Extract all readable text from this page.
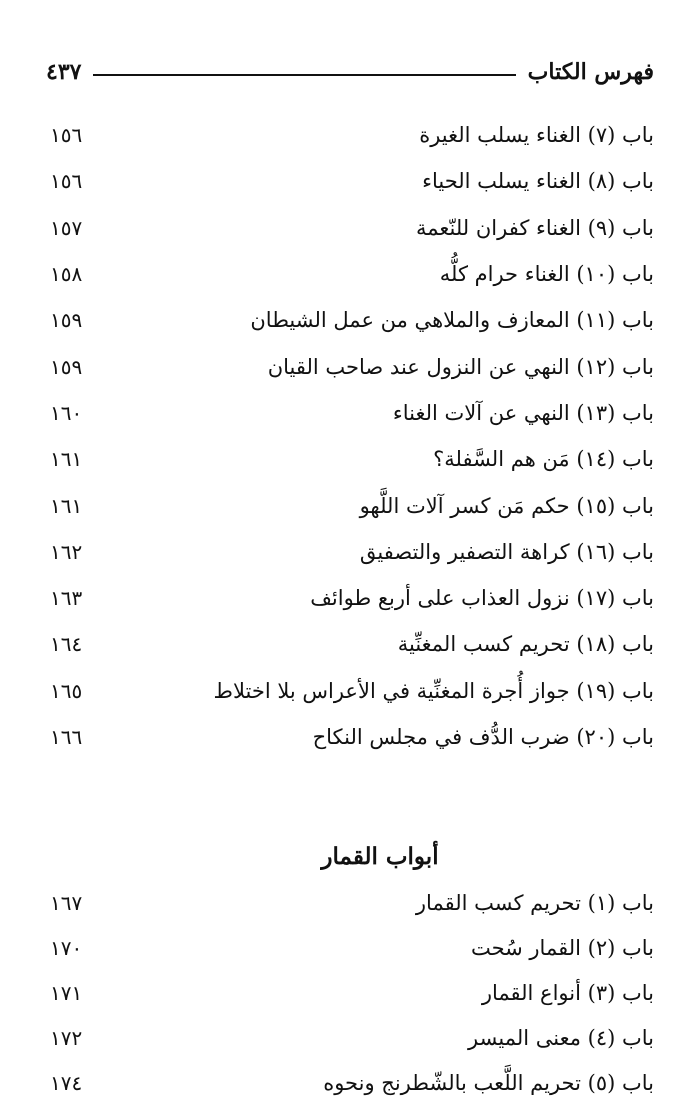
فهرس الكتاب
٤٣٧
باب (٧) الغناء يسلب الغيرة
١٥٦
باب (٨) الغناء يسلب الحياء
١٥٦
باب (٩) الغناء كفران للنّعمة
١٥٧
باب (١٠) الغناء حرام كلُّه
١٥٨
باب (١١) المعازف والملاهي من عمل الشيطان
١٥٩
باب (١٢) النهي عن النزول عند صاحب القيان
١٥٩
باب (١٣) النهي عن آلات الغناء
١٦٠
باب (١٤) مَن هم السَّفلة؟
١٦١
باب (١٥) حكم مَن كسر آلات اللَّهو
١٦١
باب (١٦) كراهة التصفير والتصفيق
١٦٢
باب (١٧) نزول العذاب على أربع طوائف
١٦٣
باب (١٨) تحريم كسب المغنِّية
١٦٤
باب (١٩) جواز أُجرة المغنِّية في الأعراس بلا اختلاط
١٦٥
باب (٢٠) ضرب الدُّف في مجلس النكاح
١٦٦
أبواب القمار
باب (١) تحريم كسب القمار
١٦٧
باب (٢) القمار سُحت
١٧٠
باب (٣) أنواع القمار
١٧١
باب (٤) معنى الميسر
١٧٢
باب (٥) تحريم اللَّعب بالشّطرنج ونحوه
١٧٤
